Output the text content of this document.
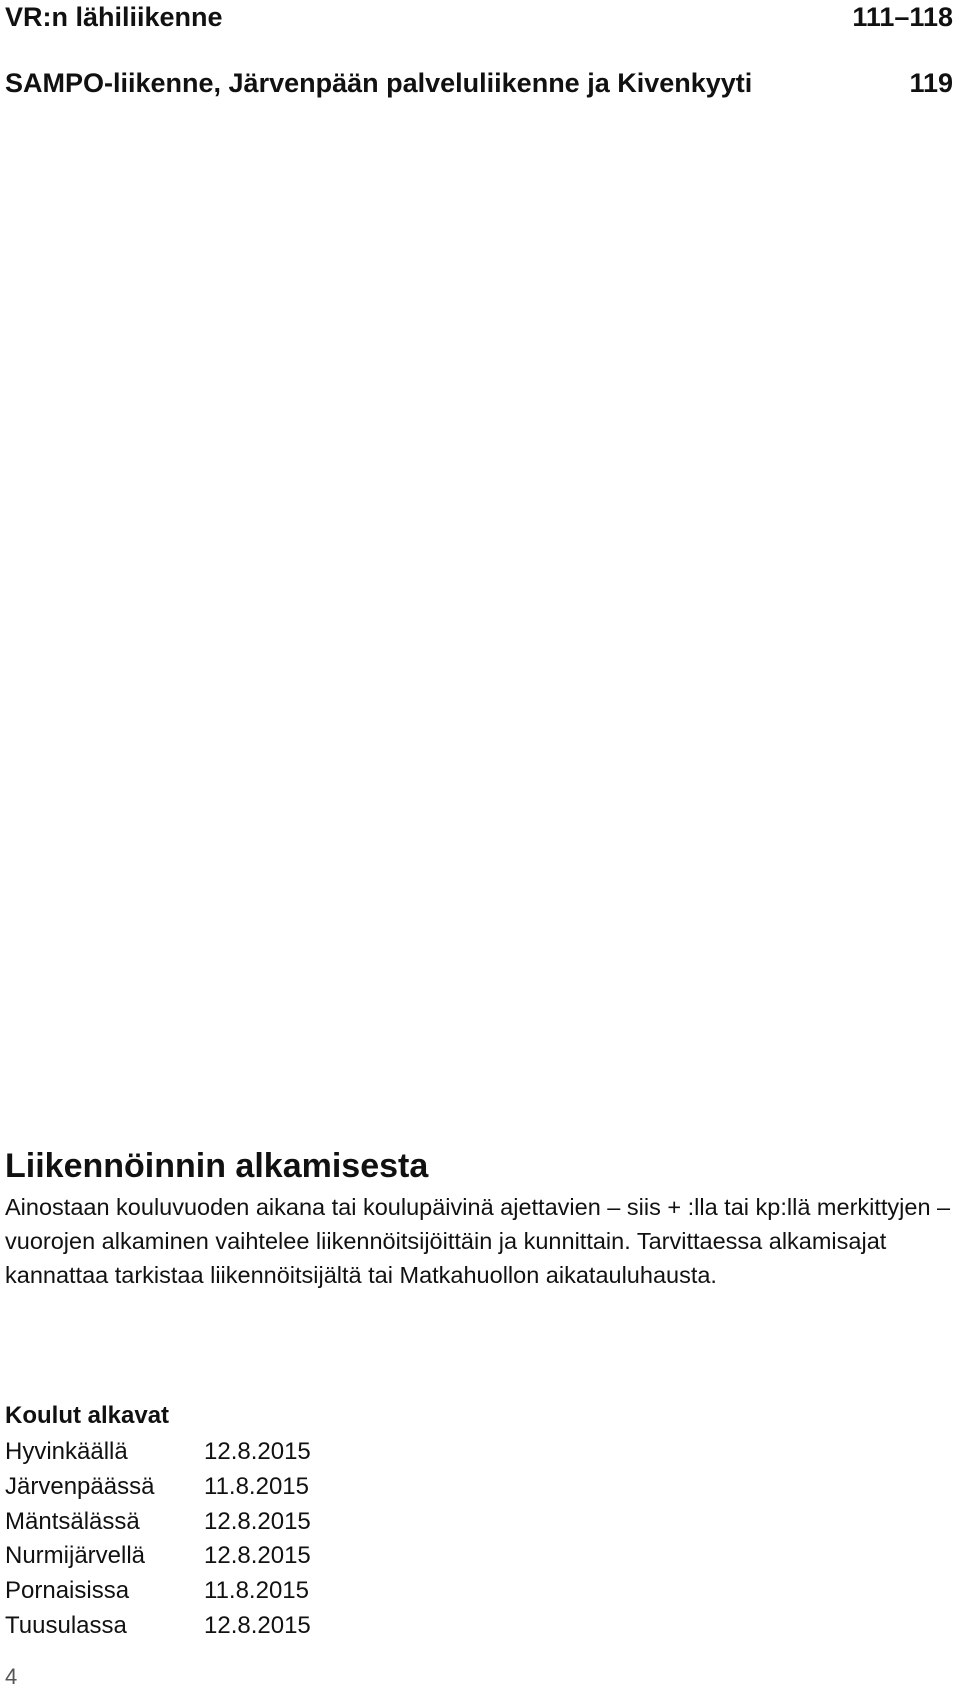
VR:n lähiliikenne	111–118
SAMPO-liikenne, Järvenpään palveluliikenne ja Kivenkyyti	119
Liikennöinnin alkamisesta

Ainostaan kouluvuoden aikana tai koulupäivinä ajettavien – siis + :lla tai kp:llä merkittyjen – vuorojen alkaminen vaihtelee liikennöitsijöittäin ja kunnittain. Tarvittaessa alkamisajat kannattaa tarkistaa liikennöitsijältä tai Matkahuollon aikatauluhausta.

Koulut alkavat
Hyvinkäällä	12.8.2015
Järvenpäässä	11.8.2015
Mäntsälässä	12.8.2015
Nurmijärvellä	12.8.2015
Pornaisissa	11.8.2015
Tuusulassa	12.8.2015
4
